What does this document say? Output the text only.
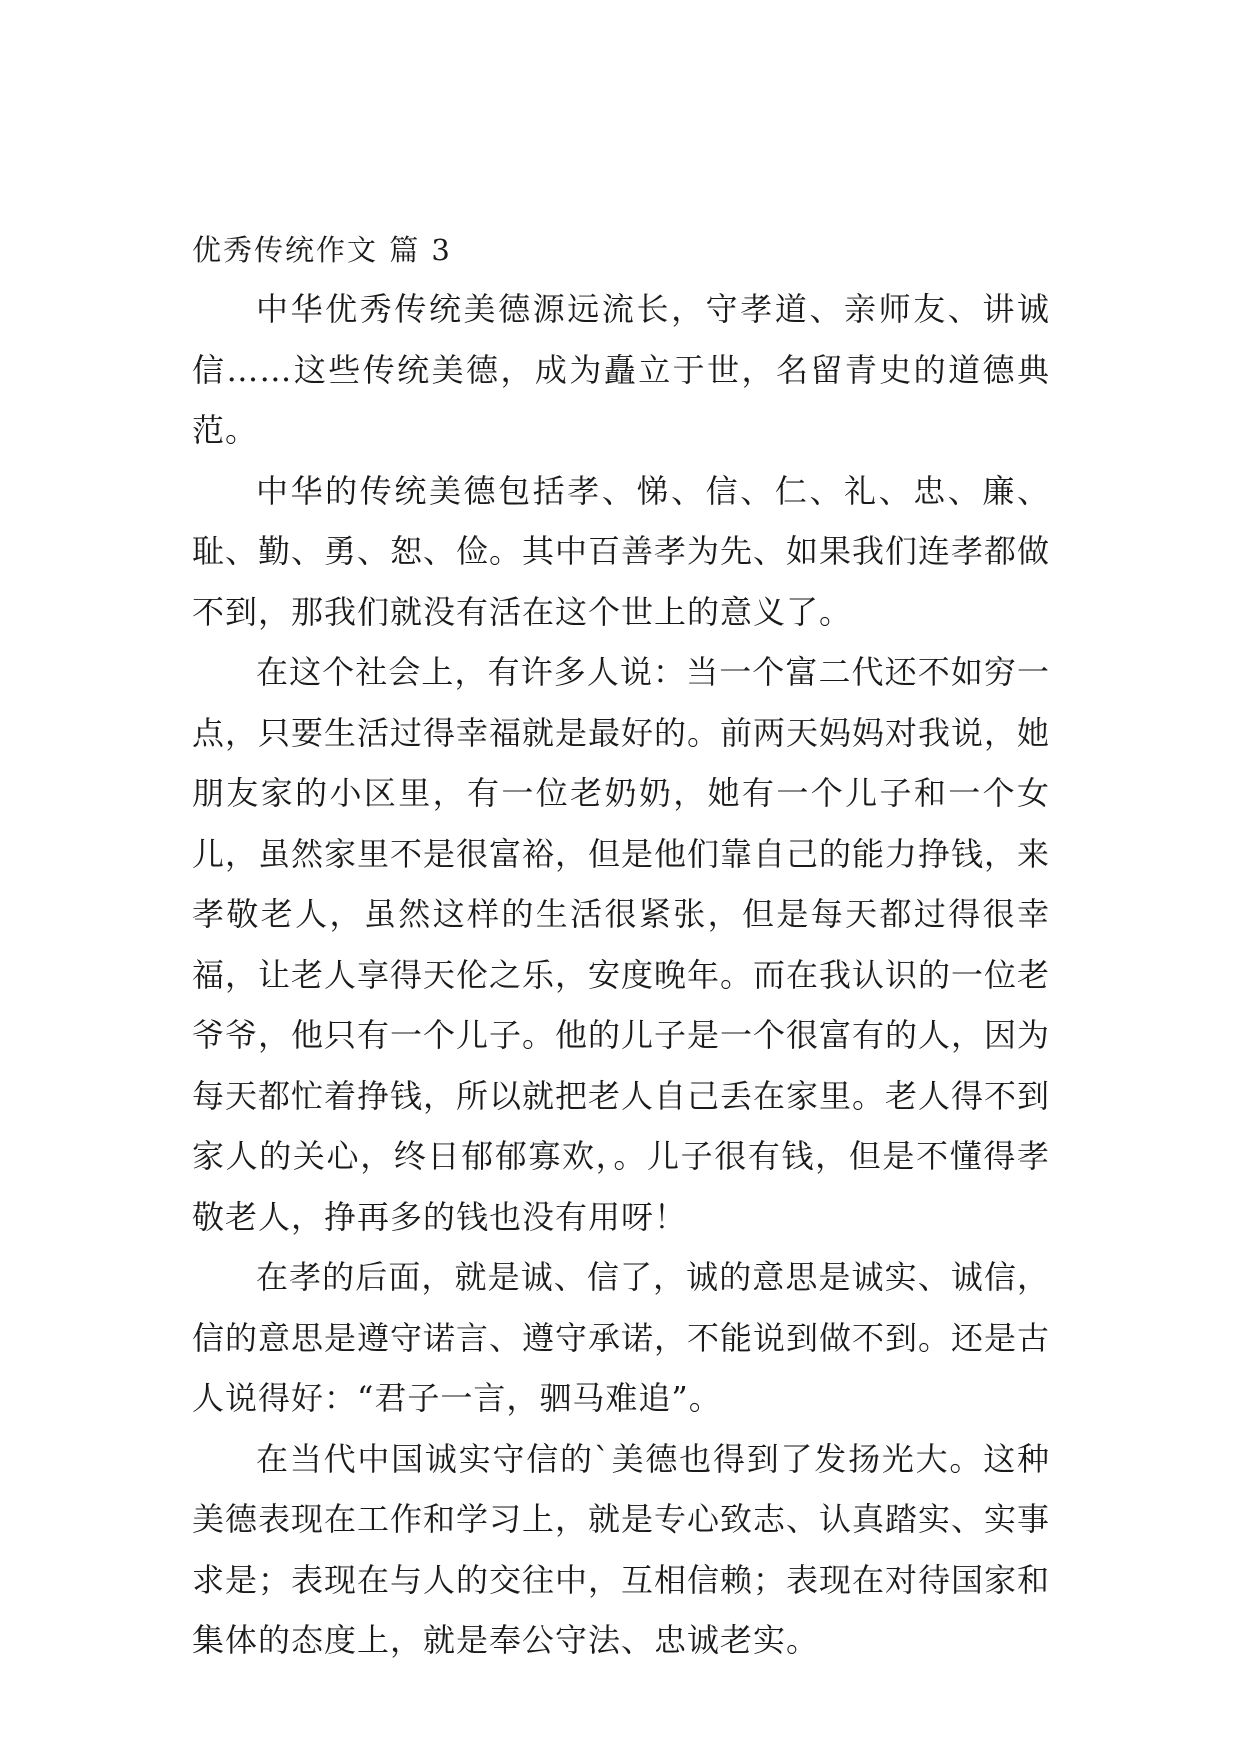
优秀传统作文 篇 3

中华优秀传统美德源远流长，守孝道、亲师友、讲诚信……这些传统美德，成为矗立于世，名留青史的道德典范。

中华的传统美德包括孝、悌、信、仁、礼、忠、廉、耻、勤、勇、恕、俭。其中百善孝为先、如果我们连孝都做不到，那我们就没有活在这个世上的意义了。

在这个社会上，有许多人说：当一个富二代还不如穷一点，只要生活过得幸福就是最好的。前两天妈妈对我说，她朋友家的小区里，有一位老奶奶，她有一个儿子和一个女儿，虽然家里不是很富裕，但是他们靠自己的能力挣钱，来孝敬老人，虽然这样的生活很紧张，但是每天都过得很幸福，让老人享得天伦之乐，安度晚年。而在我认识的一位老爷爷，他只有一个儿子。他的儿子是一个很富有的人，因为每天都忙着挣钱，所以就把老人自己丢在家里。老人得不到家人的关心，终日郁郁寡欢，。儿子很有钱，但是不懂得孝敬老人，挣再多的钱也没有用呀！

在孝的后面，就是诚、信了，诚的意思是诚实、诚信，信的意思是遵守诺言、遵守承诺，不能说到做不到。还是古人说得好：“君子一言，驷马难追”。

在当代中国诚实守信的`美德也得到了发扬光大。这种美德表现在工作和学习上，就是专心致志、认真踏实、实事求是；表现在与人的交往中，互相信赖；表现在对待国家和集体的态度上，就是奉公守法、忠诚老实。
